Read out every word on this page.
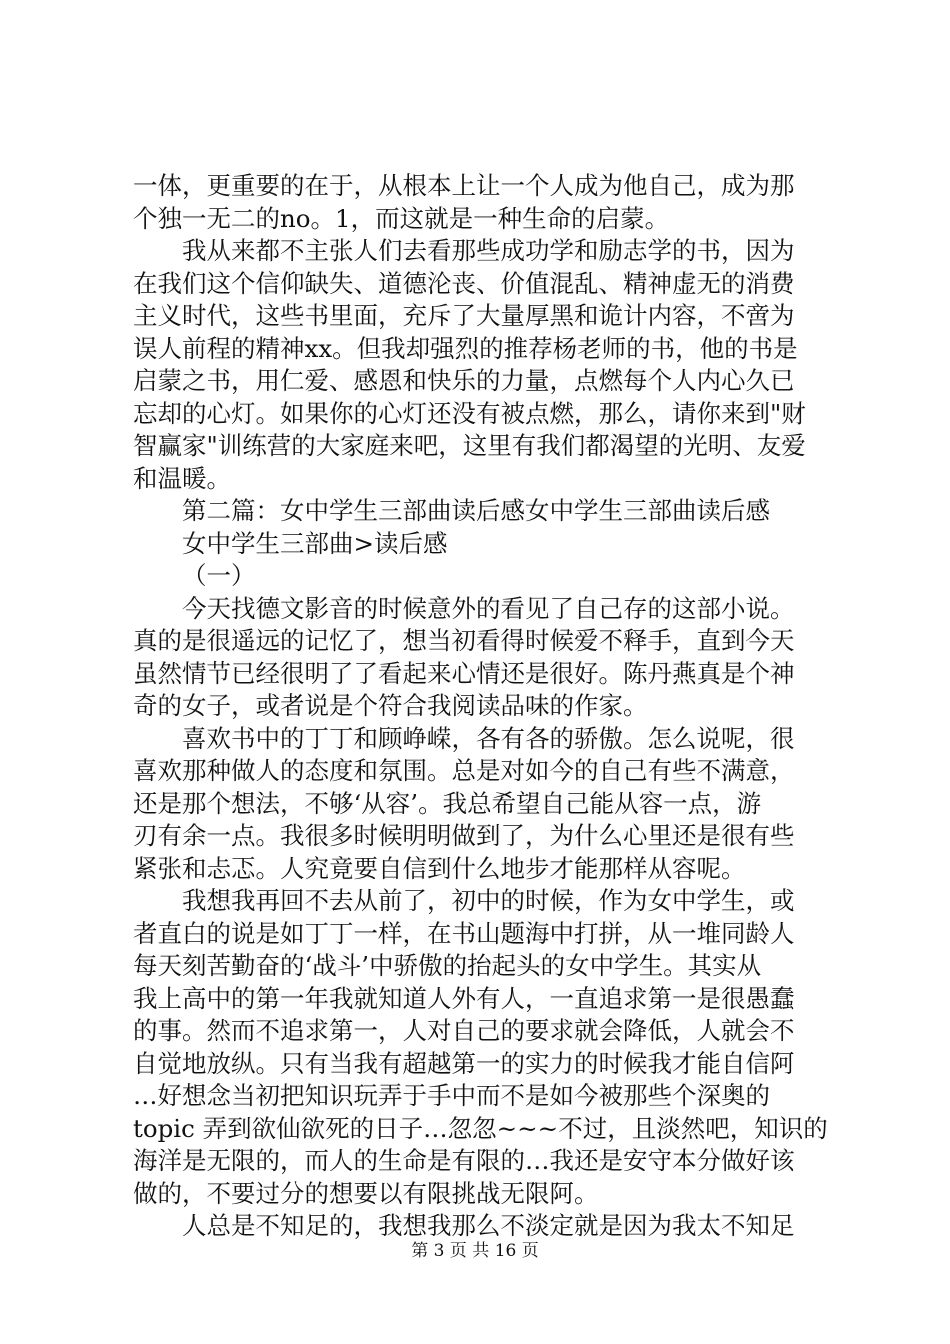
一体，更重要的在于，从根本上让一个人成为他自己，成为那
个独一无二的no。1，而这就是一种生命的启蒙。
我从来都不主张人们去看那些成功学和励志学的书，因为
在我们这个信仰缺失、道德沦丧、价值混乱、精神虚无的消费
主义时代，这些书里面，充斥了大量厚黑和诡计内容，不啻为
误人前程的精神xx。但我却强烈的推荐杨老师的书，他的书是
启蒙之书，用仁爱、感恩和快乐的力量，点燃每个人内心久已
忘却的心灯。如果你的心灯还没有被点燃，那么，请你来到"财
智赢家"训练营的大家庭来吧，这里有我们都渴望的光明、友爱
和温暖。
第二篇：女中学生三部曲读后感女中学生三部曲读后感
女中学生三部曲>读后感
（一）
今天找德文影音的时候意外的看见了自己存的这部小说。
真的是很遥远的记忆了，想当初看得时候爱不释手，直到今天
虽然情节已经很明了了看起来心情还是很好。陈丹燕真是个神
奇的女子，或者说是个符合我阅读品味的作家。
喜欢书中的丁丁和顾峥嵘，各有各的骄傲。怎么说呢，很
喜欢那种做人的态度和氛围。总是对如今的自己有些不满意，
还是那个想法，不够‘从容’。我总希望自己能从容一点，游
刃有余一点。我很多时候明明做到了，为什么心里还是很有些
紧张和忐忑。人究竟要自信到什么地步才能那样从容呢。
我想我再回不去从前了，初中的时候，作为女中学生，或
者直白的说是如丁丁一样，在书山题海中打拼，从一堆同龄人
每天刻苦勤奋的‘战斗’中骄傲的抬起头的女中学生。其实从
我上高中的第一年我就知道人外有人，一直追求第一是很愚蠢
的事。然而不追求第一，人对自己的要求就会降低，人就会不
自觉地放纵。只有当我有超越第一的实力的时候我才能自信阿
…好想念当初把知识玩弄于手中而不是如今被那些个深奥的
topic 弄到欲仙欲死的日子…忽忽~~~不过，且淡然吧，知识的
海洋是无限的，而人的生命是有限的…我还是安守本分做好该
做的，不要过分的想要以有限挑战无限阿。
人总是不知足的，我想我那么不淡定就是因为我太不知足
第 3 页 共 16 页
